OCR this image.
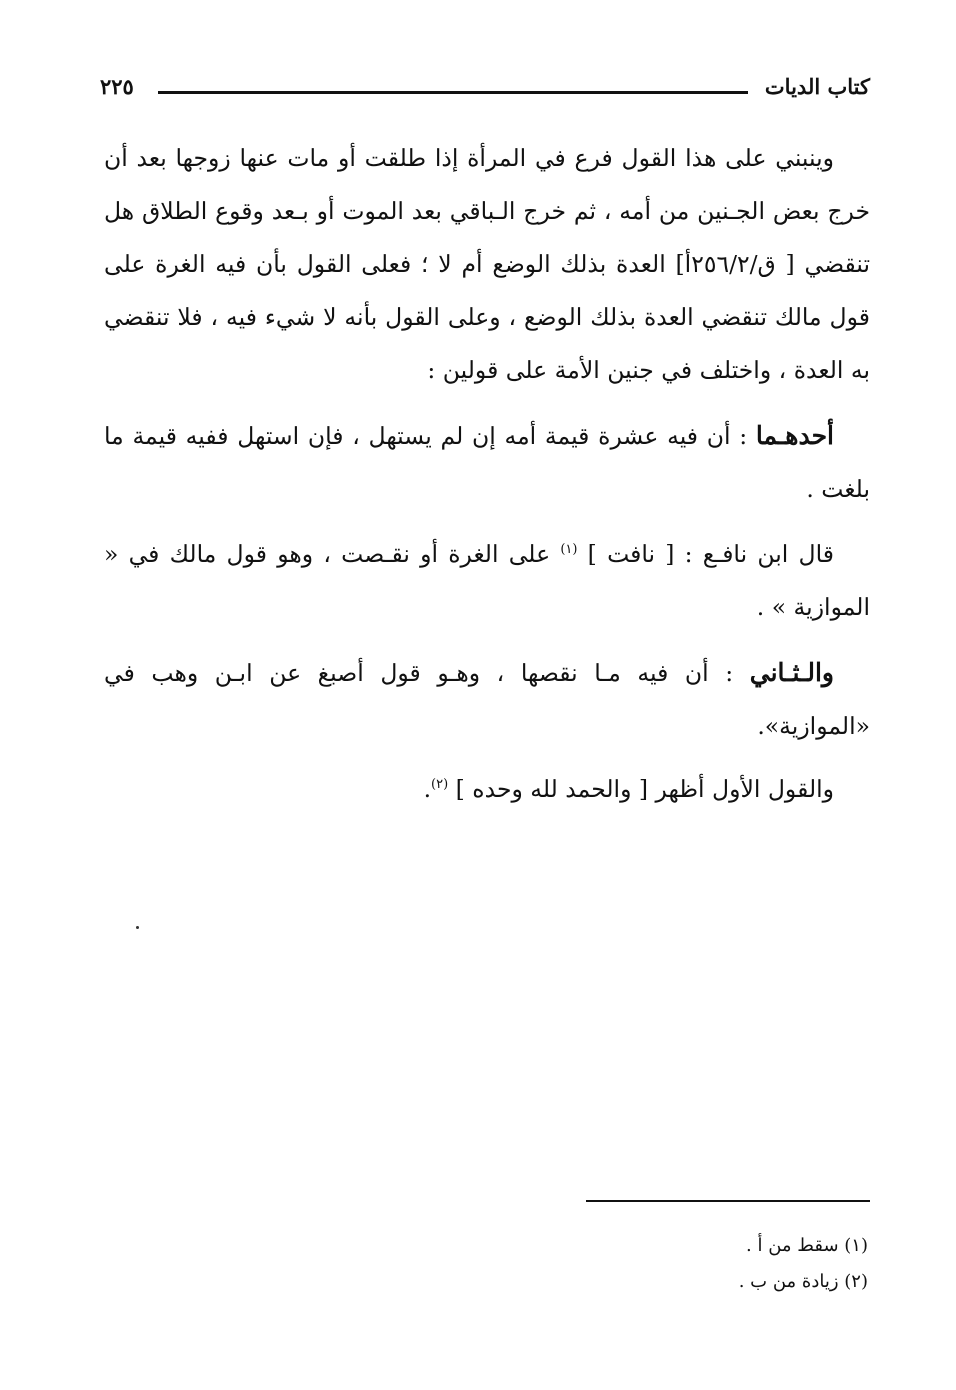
كتاب الديات
٢٢٥

وينبني على هذا القول فرع في المرأة إذا طلقت أو مات عنها زوجها بعد أن خرج بعض الجـنين من أمه ، ثم خرج الـباقي بعد الموت أو بـعد وقوع الطلاق هل تنقضي [ ق/٢٥٦/٢أ] العدة بذلك الوضع أم لا ؛ فعلى القول بأن فيه الغرة على قول مالك تنقضي العدة بذلك الوضع ، وعلى القول بأنه لا شيء فيه ، فلا تنقضي به العدة ، واختلف في جنين الأمة على قولين :

أحدهـما : أن فيه عشرة قيمة أمه إن لم يستهل ، فإن استهل ففيه قيمة ما بلغت .

قال ابن نافـع : [ نافت ] $^{(١)}$ على الغرة أو نقـصت ، وهو قول مالك في « الموازية » .

والـثـاني : أن فيه مـا نقصها ، وهـو قول أصبغ عن ابـن وهب في «الموازية».

والقول الأول أظهر [ والحمد لله وحده ] $^{(٢)}$.

(١) سقط من أ .

(٢) زيادة من ب .
